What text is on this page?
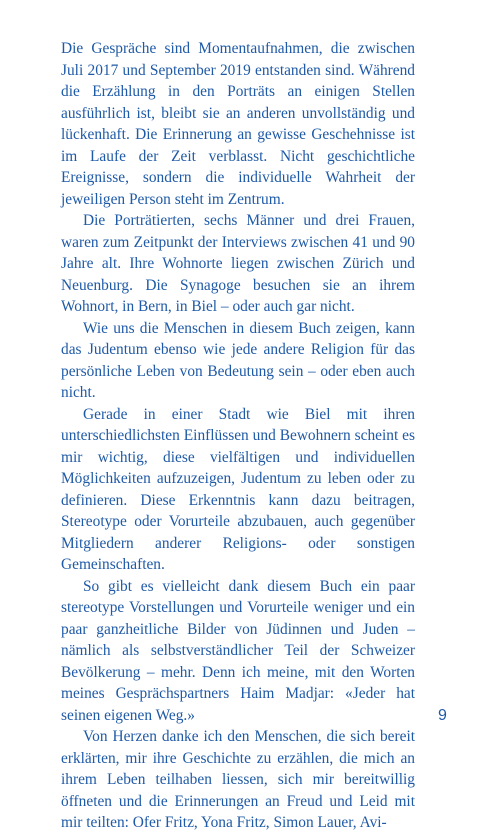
Die Gespräche sind Momentaufnahmen, die zwischen Juli 2017 und September 2019 entstanden sind. Während die Erzählung in den Porträts an einigen Stellen ausführlich ist, bleibt sie an anderen unvollständig und lückenhaft. Die Erinnerung an gewisse Geschehnisse ist im Laufe der Zeit verblasst. Nicht geschichtliche Ereignisse, sondern die individuelle Wahrheit der jeweiligen Person steht im Zentrum.

Die Porträtierten, sechs Männer und drei Frauen, waren zum Zeitpunkt der Interviews zwischen 41 und 90 Jahre alt. Ihre Wohnorte liegen zwischen Zürich und Neuenburg. Die Synagoge besuchen sie an ihrem Wohnort, in Bern, in Biel – oder auch gar nicht.

Wie uns die Menschen in diesem Buch zeigen, kann das Judentum ebenso wie jede andere Religion für das persönliche Leben von Bedeutung sein – oder eben auch nicht.

Gerade in einer Stadt wie Biel mit ihren unterschiedlichsten Einflüssen und Bewohnern scheint es mir wichtig, diese vielfältigen und individuellen Möglichkeiten aufzuzeigen, Judentum zu leben oder zu definieren. Diese Erkenntnis kann dazu beitragen, Stereotype oder Vorurteile abzubauen, auch gegenüber Mitgliedern anderer Religions- oder sonstigen Gemeinschaften.

So gibt es vielleicht dank diesem Buch ein paar stereotype Vorstellungen und Vorurteile weniger und ein paar ganzheitliche Bilder von Jüdinnen und Juden – nämlich als selbstverständlicher Teil der Schweizer Bevölkerung – mehr. Denn ich meine, mit den Worten meines Gesprächspartners Haim Madjar: «Jeder hat seinen eigenen Weg.»

Von Herzen danke ich den Menschen, die sich bereit erklärten, mir ihre Geschichte zu erzählen, die mich an ihrem Leben teilhaben liessen, sich mir bereitwillig öffneten und die Erinnerungen an Freud und Leid mit mir teilten: Ofer Fritz, Yona Fritz, Simon Lauer, Avi-

9
